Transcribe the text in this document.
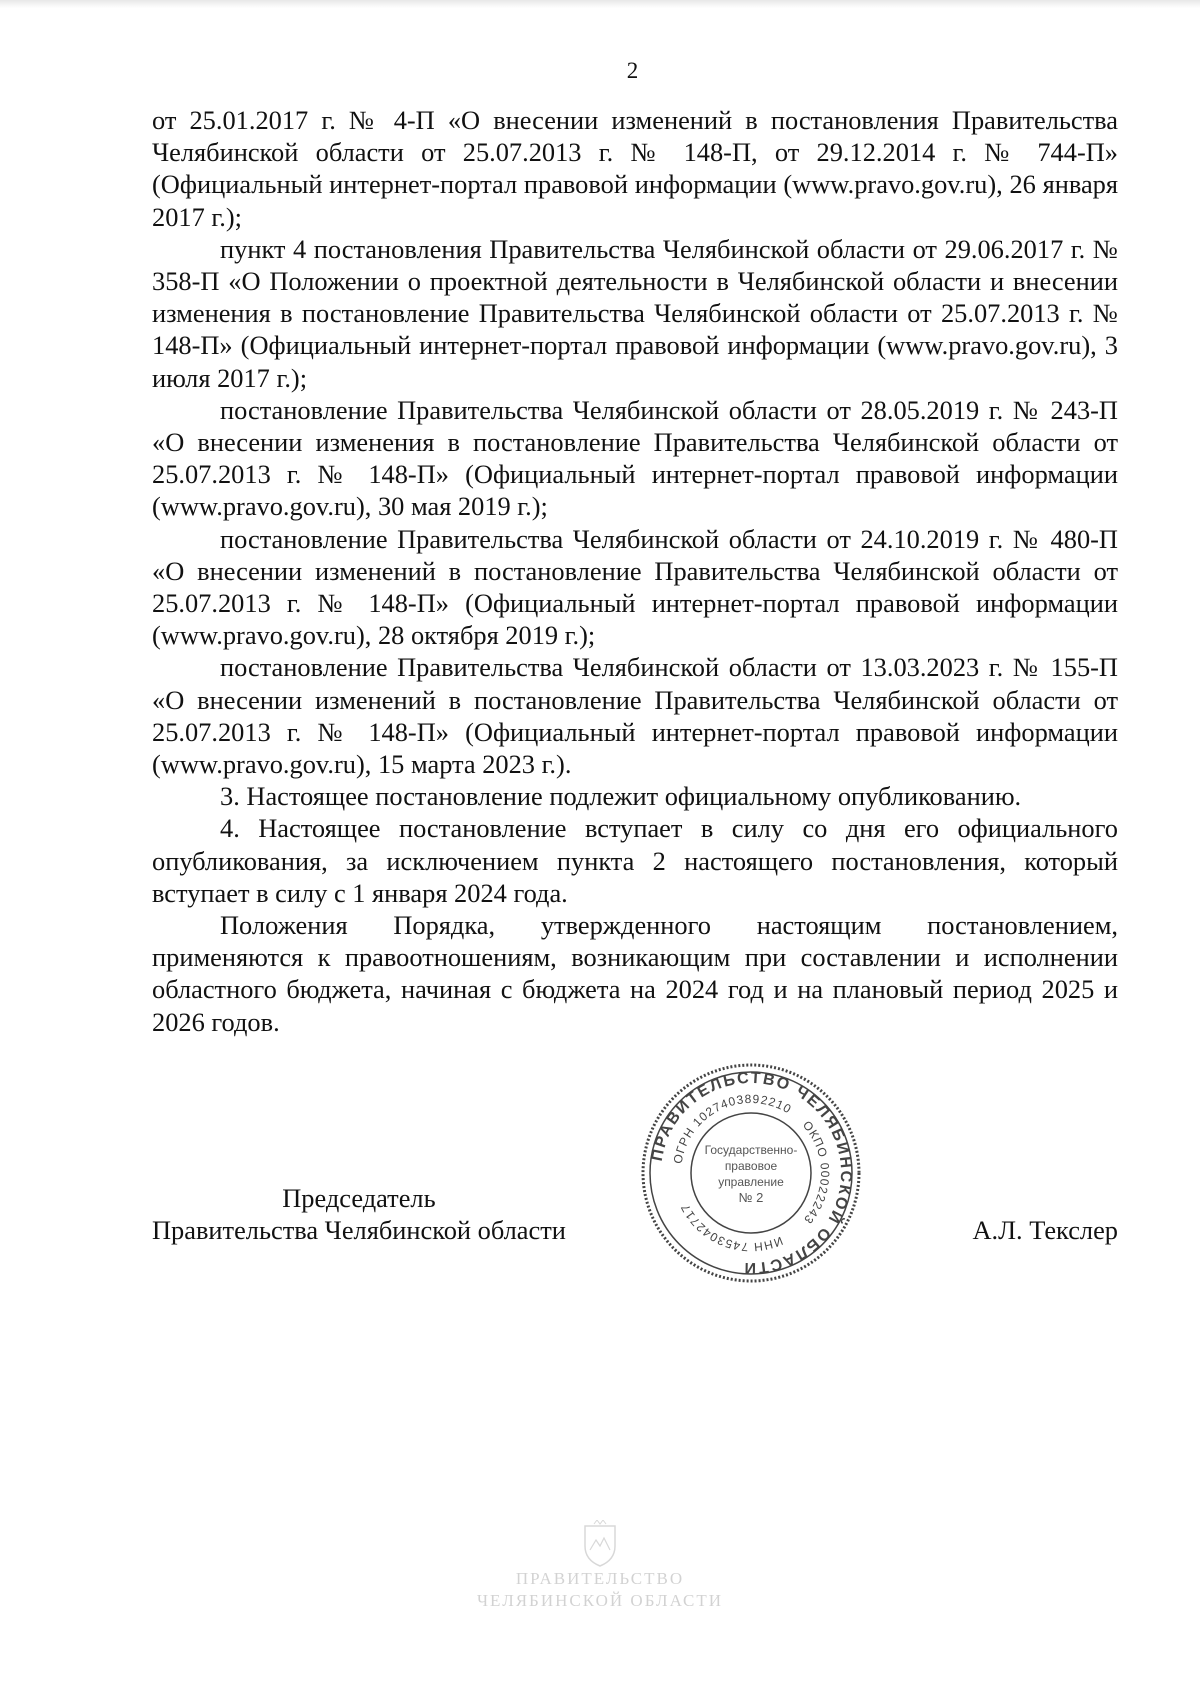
2

от 25.01.2017 г. № 4-П «О внесении изменений в постановления Правительства Челябинской области от 25.07.2013 г. № 148-П, от 29.12.2014 г. № 744-П» (Официальный интернет-портал правовой информации (www.pravo.gov.ru), 26 января 2017 г.);

пункт 4 постановления Правительства Челябинской области от 29.06.2017 г. № 358-П «О Положении о проектной деятельности в Челябинской области и внесении изменения в постановление Правительства Челябинской области от 25.07.2013 г. № 148-П» (Официальный интернет-портал правовой информации (www.pravo.gov.ru), 3 июля 2017 г.);

постановление Правительства Челябинской области от 28.05.2019 г. № 243-П «О внесении изменения в постановление Правительства Челябинской области от 25.07.2013 г. № 148-П» (Официальный интернет-портал правовой информации (www.pravo.gov.ru), 30 мая 2019 г.);

постановление Правительства Челябинской области от 24.10.2019 г. № 480-П «О внесении изменений в постановление Правительства Челябинской области от 25.07.2013 г. № 148-П» (Официальный интернет-портал правовой информации (www.pravo.gov.ru), 28 октября 2019 г.);

постановление Правительства Челябинской области от 13.03.2023 г. № 155-П «О внесении изменений в постановление Правительства Челябинской области от 25.07.2013 г. № 148-П» (Официальный интернет-портал правовой информации (www.pravo.gov.ru), 15 марта 2023 г.).

3. Настоящее постановление подлежит официальному опубликованию.

4. Настоящее постановление вступает в силу со дня его официального опубликования, за исключением пункта 2 настоящего постановления, который вступает в силу с 1 января 2024 года.

Положения Порядка, утвержденного настоящим постановлением, применяются к правоотношениям, возникающим при составлении и исполнении областного бюджета, начиная с бюджета на 2024 год и на плановый период 2025 и 2026 годов.

Председатель
Правительства Челябинской области
ПРАВИТЕЛЬСТВО ЧЕЛЯБИНСКОЙ ОБЛАСТИ
ОГРН 1027403892210
ОКПО 00022243
ИНН 7453042717
Государственно-
правовое
управление
№ 2
А.Л. Текслер
ПРАВИТЕЛЬСТВО
ЧЕЛЯБИНСКОЙ ОБЛАСТИ
